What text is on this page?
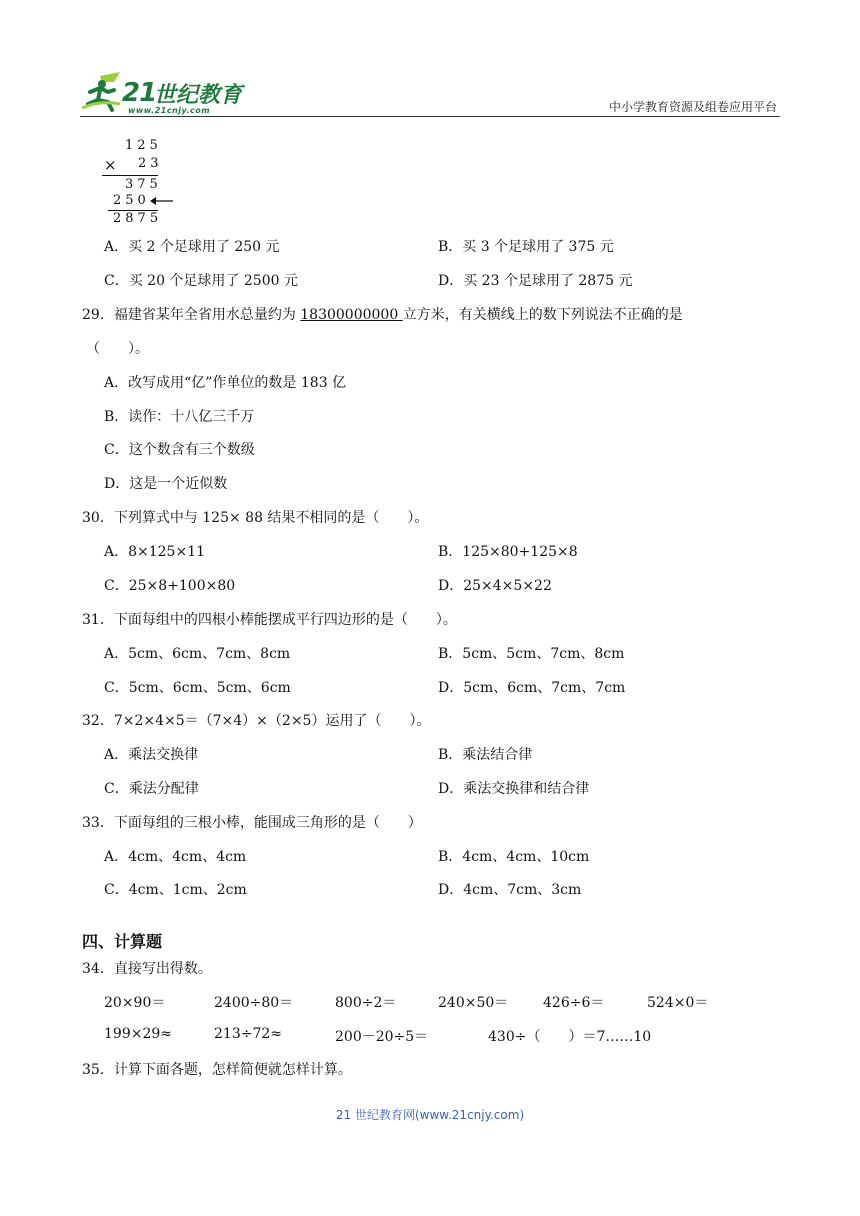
21
世纪教育
www.21cnjy.com	中小学教育资源及组卷应用平台
125
× 23
375
250
2875
A．买 2 个足球用了 250 元	B．买 3 个足球用了 375 元
C．买 20 个足球用了 2500 元	D．买 23 个足球用了 2875 元
29．福建省某年全省用水总量约为 18300000000 立方米，有关横线上的数下列说法不正确的是
（　　）。
A．改写成用“亿”作单位的数是 183 亿
B．读作：十八亿三千万
C．这个数含有三个数级
D．这是一个近似数
30．下列算式中与 125× 88 结果不相同的是（　　）。
A．8×125×11	B．125×80+125×8
C．25×8+100×80	D．25×4×5×22
31．下面每组中的四根小棒能摆成平行四边形的是（　　）。
A．5cm、6cm、7cm、8cm	B．5cm、5cm、7cm、8cm
C．5cm、6cm、5cm、6cm	D．5cm、6cm、7cm、7cm
32．7×2×4×5＝（7×4）×（2×5）运用了（　　）。
A．乘法交换律	B．乘法结合律
C．乘法分配律	D．乘法交换律和结合律
33．下面每组的三根小棒，能围成三角形的是（　　）
A．4cm、4cm、4cm	B．4cm、4cm、10cm
C．4cm、1cm、2cm	D．4cm、7cm、3cm
四、计算题
34．直接写出得数。
20×90＝	2400÷80＝	800÷2＝	240×50＝ 426÷6＝	524×0＝
199×29≈	213÷72≈	200－20÷5＝	430÷（　　）＝7……10
35．计算下面各题，怎样简便就怎样计算。
21 世纪教育网(www.21cnjy.com)
